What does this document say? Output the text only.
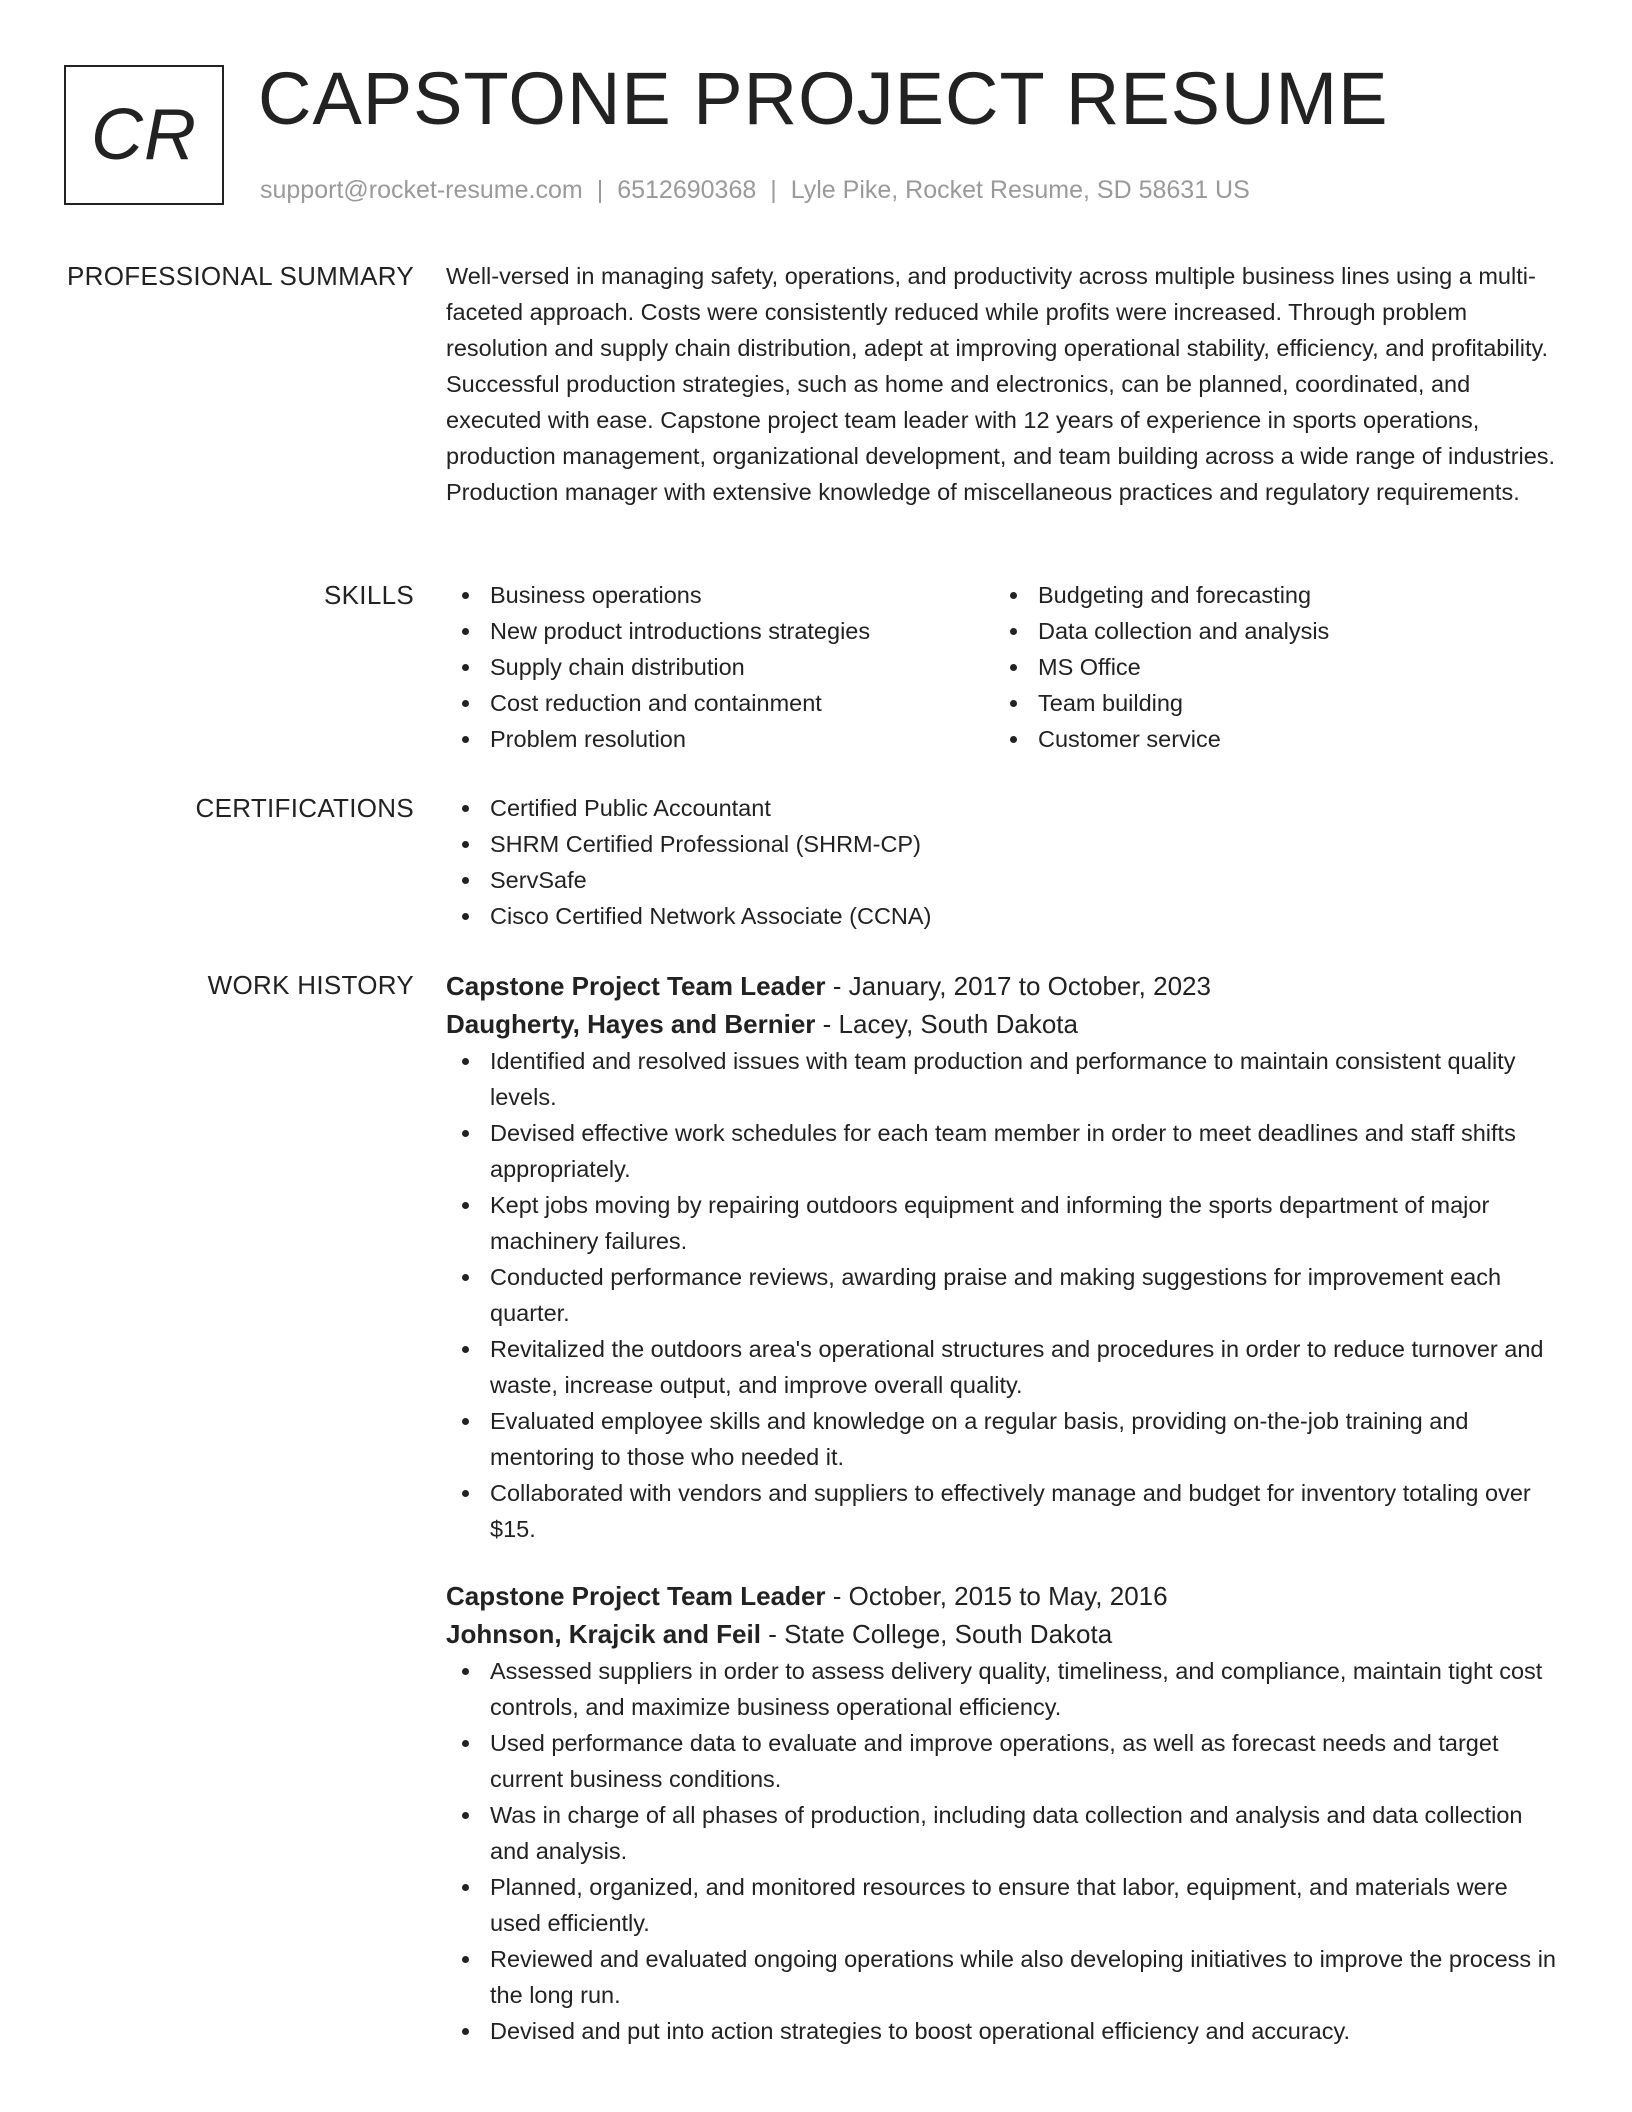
CR CAPSTONE PROJECT RESUME
support@rocket-resume.com | 6512690368 | Lyle Pike, Rocket Resume, SD 58631 US
PROFESSIONAL SUMMARY Well-versed in managing safety, operations, and productivity across multiple business lines using a multi-faceted approach. Costs were consistently reduced while profits were increased. Through problem resolution and supply chain distribution, adept at improving operational stability, efficiency, and profitability. Successful production strategies, such as home and electronics, can be planned, coordinated, and executed with ease. Capstone project team leader with 12 years of experience in sports operations, production management, organizational development, and team building across a wide range of industries. Production manager with extensive knowledge of miscellaneous practices and regulatory requirements.

SKILLS	Business operations
New product introductions strategies
Supply chain distribution
Cost reduction and containment
Problem resolution
Budgeting and forecasting
Data collection and analysis
MS Office
Team building
Customer service
CERTIFICATIONS	Certified Public Accountant
SHRM Certified Professional (SHRM-CP)
ServSafe
Cisco Certified Network Associate (CCNA)
WORK HISTORY Capstone Project Team Leader - January, 2017 to October, 2023
Daugherty, Hayes and Bernier - Lacey, South Dakota
Identified and resolved issues with team production and performance to maintain consistent quality levels.
Devised effective work schedules for each team member in order to meet deadlines and staff shifts appropriately.
Kept jobs moving by repairing outdoors equipment and informing the sports department of major machinery failures.
Conducted performance reviews, awarding praise and making suggestions for improvement each quarter.
Revitalized the outdoors area's operational structures and procedures in order to reduce turnover and waste, increase output, and improve overall quality.
Evaluated employee skills and knowledge on a regular basis, providing on-the-job training and mentoring to those who needed it.
Collaborated with vendors and suppliers to effectively manage and budget for inventory totaling over $15.
Capstone Project Team Leader - October, 2015 to May, 2016
Johnson, Krajcik and Feil - State College, South Dakota
Assessed suppliers in order to assess delivery quality, timeliness, and compliance, maintain tight cost controls, and maximize business operational efficiency.
Used performance data to evaluate and improve operations, as well as forecast needs and target current business conditions.
Was in charge of all phases of production, including data collection and analysis and data collection and analysis.
Planned, organized, and monitored resources to ensure that labor, equipment, and materials were used efficiently.
Reviewed and evaluated ongoing operations while also developing initiatives to improve the process in the long run.
Devised and put into action strategies to boost operational efficiency and accuracy.
